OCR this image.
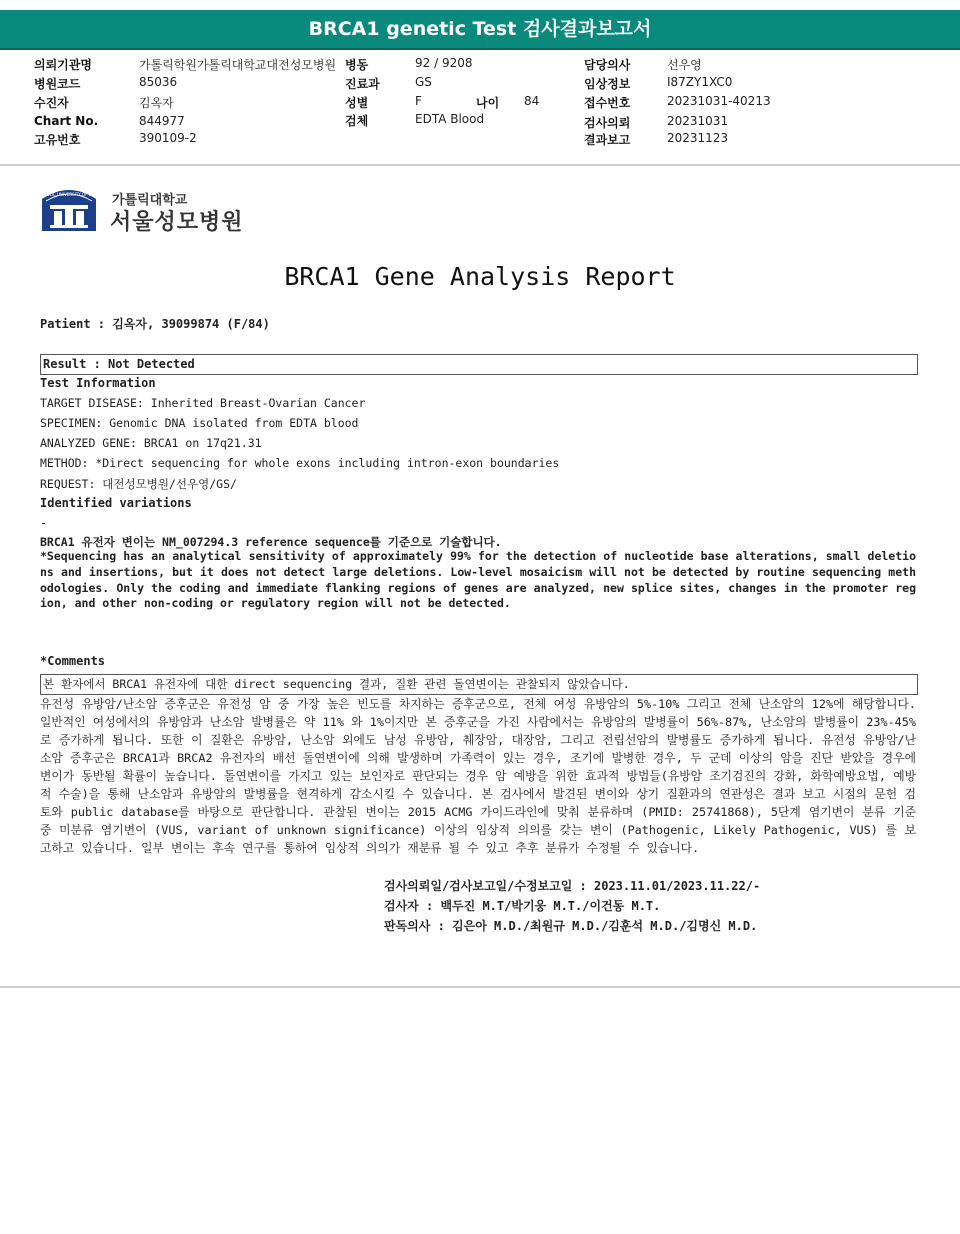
BRCA1 genetic Test 검사결과보고서
의뢰기관명	가톨릭학원가톨릭대학교대전성모병원 병동	92 / 9208	담당의사	선우영
병원코드	85036	진료과	GS	임상정보	I87ZY1XC0
수진자	김옥자	성별	F	나이 84	접수번호	20231031-40213
Chart No.	844977	검체	EDTA Blood	검사의뢰	20231031
고유번호	390109-2	결과보고	20231123
CATHOLIC UNIVERSITY OF KOREA 가톨릭대학교
서울성모병원
BRCA1 Gene Analysis Report
Patient : 김옥자, 39099874 (F/84)
Result : Not Detected
Test Information
TARGET DISEASE: Inherited Breast-Ovarian Cancer
SPECIMEN: Genomic DNA isolated from EDTA blood
ANALYZED GENE: BRCA1 on 17q21.31
METHOD: *Direct sequencing for whole exons including intron-exon boundaries
REQUEST: 대전성모병원/선우영/GS/
Identified variations
-
BRCA1 유전자 변이는 NM_007294.3 reference sequence를 기준으로 기술합니다.
*Sequencing has an analytical sensitivity of approximately 99% for the detection of nucleotide base alterations, small deletions and insertions, but it does not detect large deletions. Low-level mosaicism will not be detected by routine sequencing methodologies. Only the coding and immediate flanking regions of genes are analyzed, new splice sites, changes in the promoter region, and other non-coding or regulatory region will not be detected.
*Comments
본 환자에서 BRCA1 유전자에 대한 direct sequencing 결과, 질환 관련 돌연변이는 관찰되지 않았습니다.
유전성 유방암/난소암 증후군은 유전성 암 중 가장 높은 빈도를 차지하는 증후군으로, 전체 여성 유방암의 5%-10% 그리고 전체 난소암의 12%에 해당합니다. 일반적인 여성에서의 유방암과 난소암 발병률은 약 11% 와 1%이지만 본 증후군을 가진 사람에서는 유방암의 발병률이 56%-87%, 난소암의 발병률이 23%-45%로 증가하게 됩니다. 또한 이 질환은 유방암, 난소암 외에도 남성 유방암, 췌장암, 대장암, 그리고 전립선암의 발병률도 증가하게 됩니다. 유전성 유방암/난소암 증후군은 BRCA1과 BRCA2 유전자의 배선 돌연변이에 의해 발생하며 가족력이 있는 경우, 조기에 발병한 경우, 두 군데 이상의 암을 진단 받았을 경우에 변이가 동반될 확률이 높습니다. 돌연변이를 가지고 있는 보인자로 판단되는 경우 암 예방을 위한 효과적 방법들(유방암 조기검진의 강화, 화학예방요법, 예방적 수술)을 통해 난소암과 유방암의 발병률을 현격하게 감소시킬 수 있습니다. 본 검사에서 발견된 변이와 상기 질환과의 연관성은 결과 보고 시점의 문헌 검토와 public database를 바탕으로 판단합니다. 관찰된 변이는 2015 ACMG 가이드라인에 맞춰 분류하며 (PMID: 25741868), 5단계 염기변이 분류 기준 중 미분류 염기변이 (VUS, variant of unknown significance) 이상의 임상적 의의를 갖는 변이 (Pathogenic, Likely Pathogenic, VUS) 를 보고하고 있습니다. 일부 변이는 후속 연구를 통하여 임상적 의의가 재분류 될 수 있고 추후 분류가 수정될 수 있습니다.
검사의뢰일/검사보고일/수정보고일 : 2023.11.01/2023.11.22/-
검사자 : 백두진 M.T/박기웅 M.T./이건동 M.T.
판독의사 : 김은아 M.D./최원규 M.D./김훈석 M.D./김명신 M.D.
